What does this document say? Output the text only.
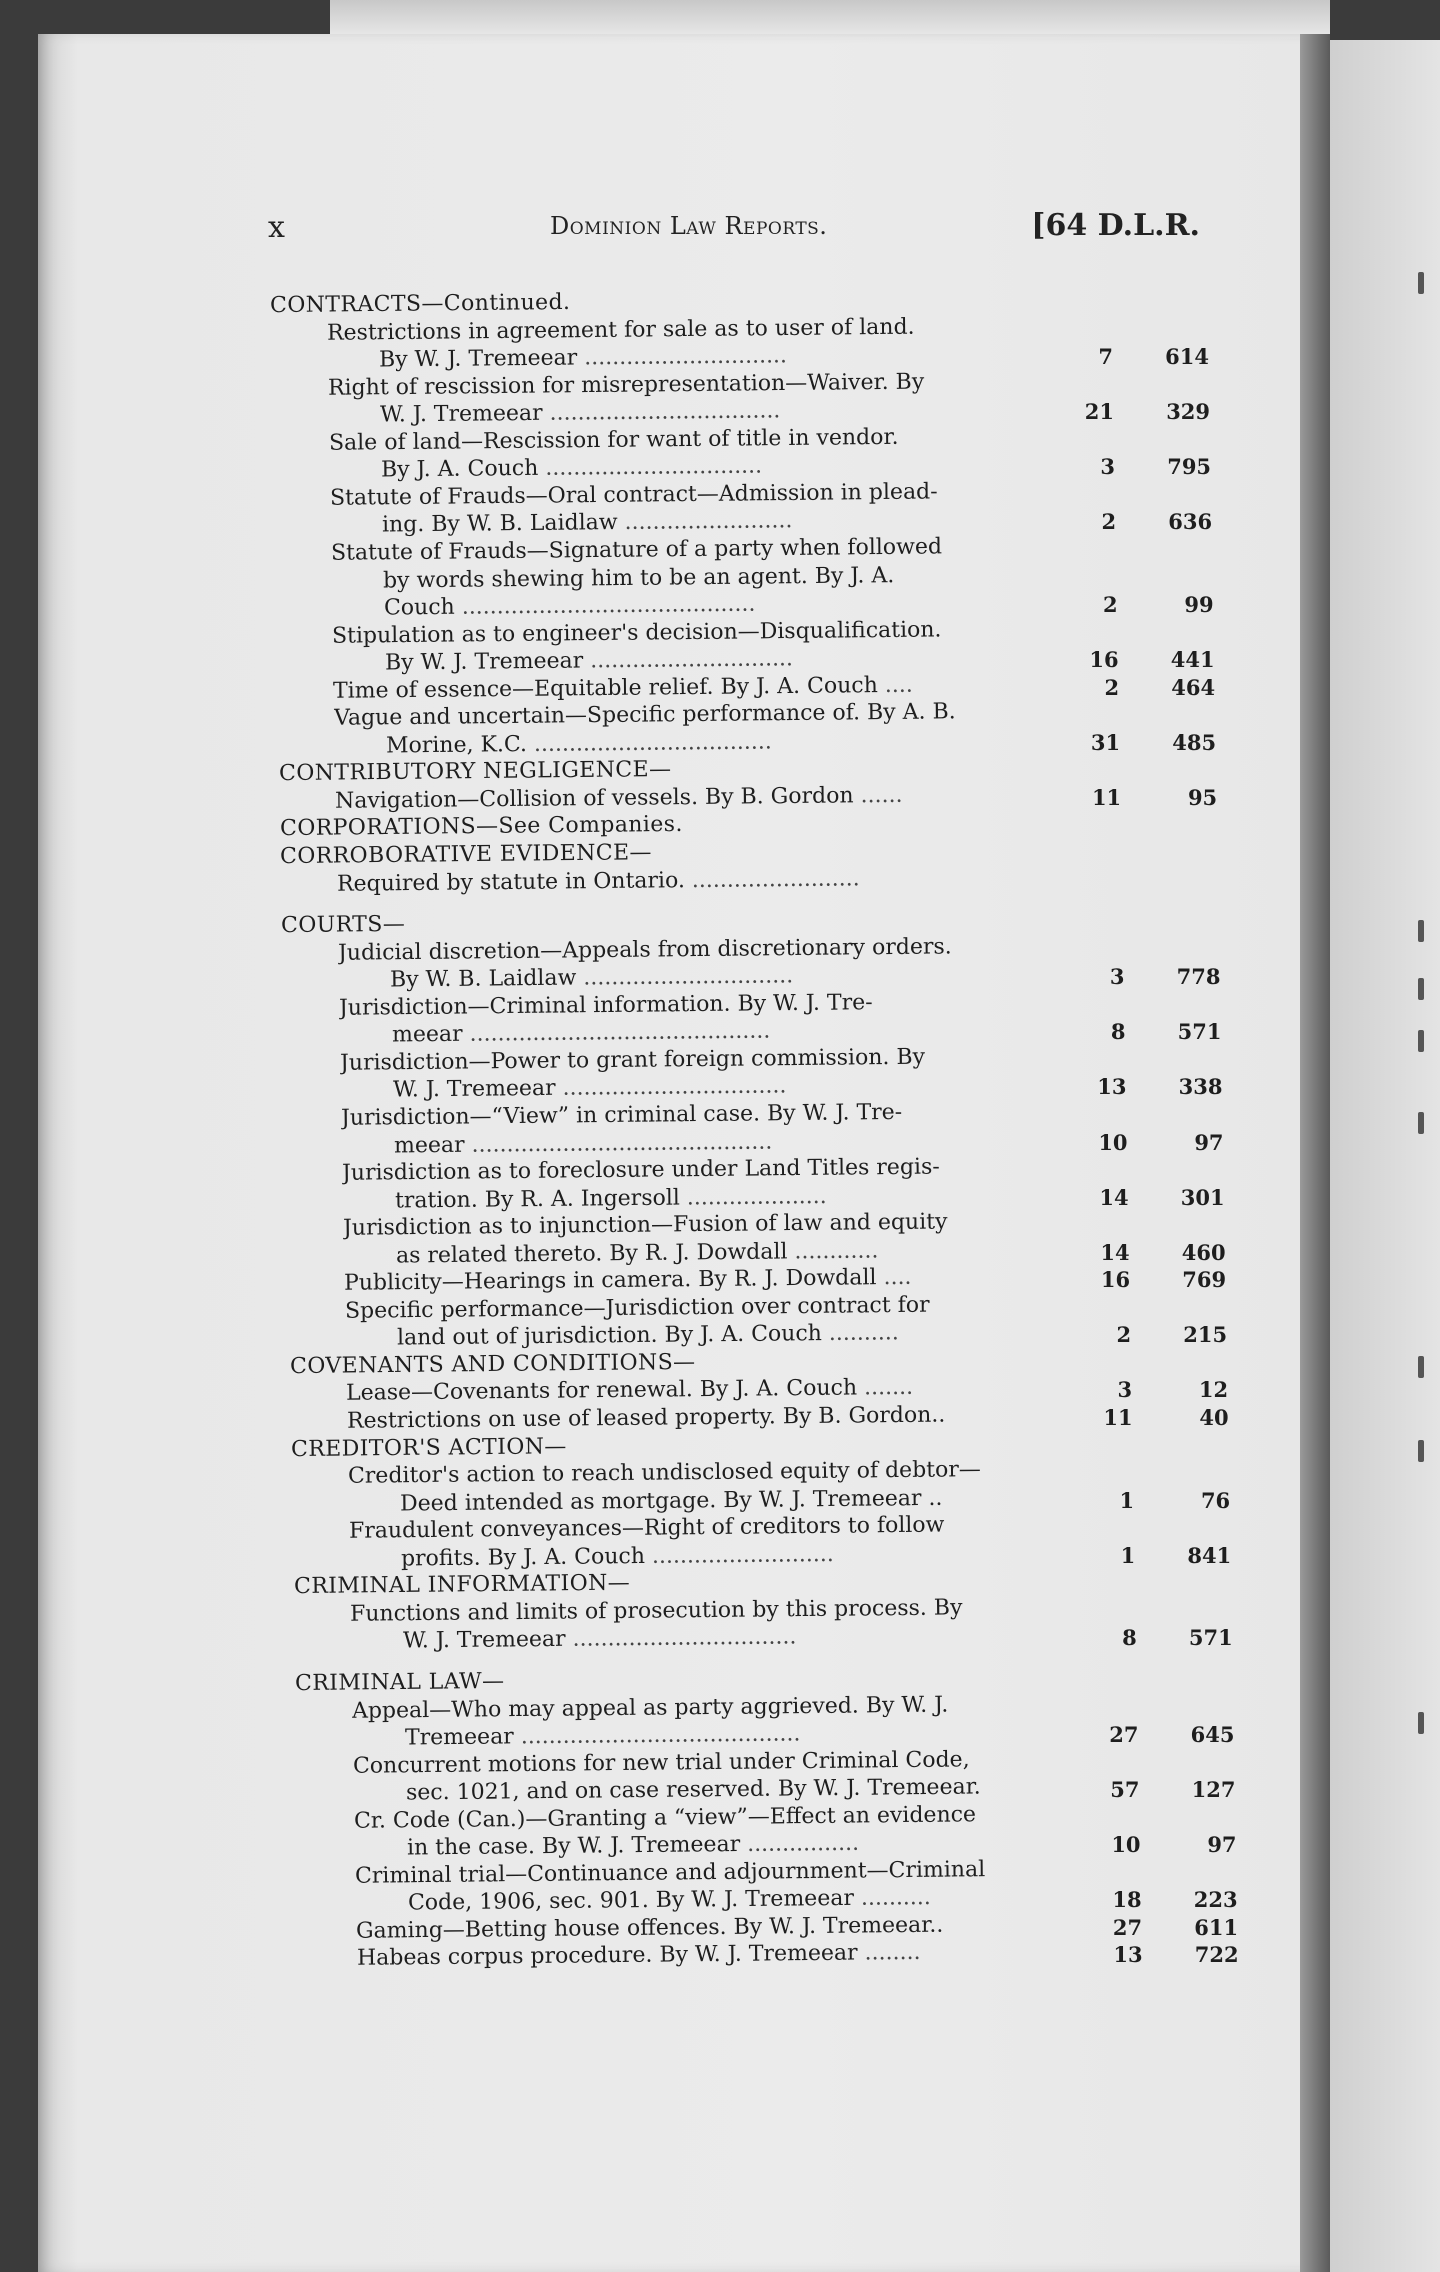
x	Dominion Law Reports.	[64 D.L.R.
CONTRACTS—Continued.
Restrictions in agreement for sale as to user of land.
By W. J. Tremeear .............................	7	614
Right of rescission for misrepresentation—Waiver. By
W. J. Tremeear .................................	21	329
Sale of land—Rescission for want of title in vendor.
By J. A. Couch ...............................	3	795
Statute of Frauds—Oral contract—Admission in plead-
ing. By W. B. Laidlaw ........................	2	636
Statute of Frauds—Signature of a party when followed
by words shewing him to be an agent. By J. A.
Couch ..........................................	2	99
Stipulation as to engineer's decision—Disqualification.
By W. J. Tremeear .............................	16	441
Time of essence—Equitable relief. By J. A. Couch ....	2	464
Vague and uncertain—Specific performance of. By A. B.
Morine, K.C. ..................................	31	485
CONTRIBUTORY NEGLIGENCE—
Navigation—Collision of vessels. By B. Gordon ......	11	95
CORPORATIONS—See Companies.
CORROBORATIVE EVIDENCE—
Required by statute in Ontario. ........................
COURTS—
Judicial discretion—Appeals from discretionary orders.
By W. B. Laidlaw ..............................	3	778
Jurisdiction—Criminal information. By W. J. Tre-
meear ...........................................	8	571
Jurisdiction—Power to grant foreign commission. By
W. J. Tremeear ................................	13	338
Jurisdiction—“View” in criminal case. By W. J. Tre-
meear ...........................................	10	97
Jurisdiction as to foreclosure under Land Titles regis-
tration. By R. A. Ingersoll ....................	14	301
Jurisdiction as to injunction—Fusion of law and equity
as related thereto. By R. J. Dowdall ............	14	460
Publicity—Hearings in camera. By R. J. Dowdall ....	16	769
Specific performance—Jurisdiction over contract for
land out of jurisdiction. By J. A. Couch ..........	2	215
COVENANTS AND CONDITIONS—
Lease—Covenants for renewal. By J. A. Couch .......	3	12
Restrictions on use of leased property. By B. Gordon..	11	40
CREDITOR'S ACTION—
Creditor's action to reach undisclosed equity of debtor—
Deed intended as mortgage. By W. J. Tremeear ..	1	76
Fraudulent conveyances—Right of creditors to follow
profits. By J. A. Couch ..........................	1	841
CRIMINAL INFORMATION—
Functions and limits of prosecution by this process. By
W. J. Tremeear ................................	8	571
CRIMINAL LAW—
Appeal—Who may appeal as party aggrieved. By W. J.
Tremeear ........................................	27	645
Concurrent motions for new trial under Criminal Code,
sec. 1021, and on case reserved. By W. J. Tremeear.	57	127
Cr. Code (Can.)—Granting a “view”—Effect an evidence
in the case. By W. J. Tremeear ................	10	97
Criminal trial—Continuance and adjournment—Criminal
Code, 1906, sec. 901. By W. J. Tremeear ..........	18	223
Gaming—Betting house offences. By W. J. Tremeear..	27	611
Habeas corpus procedure. By W. J. Tremeear ........	13	722
